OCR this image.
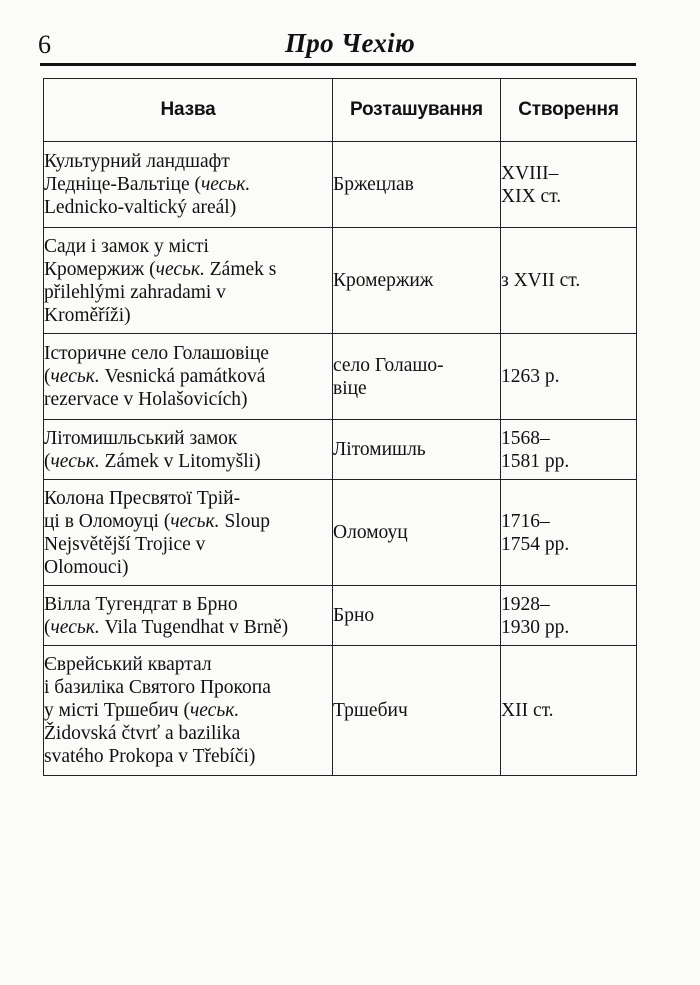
6	Про Чехію
Назва	Розташування	Створення

Культурний ландшафт
Ледніце-Вальтіце (чеськ.
Lednicko-valtický areál)	Бржецлав	XVIII–
XIX ст.

Сади і замок у місті
Кромержиж (чеськ. Zámek s
přilehlými zahradami v
Kroměříži)	Кромержиж	з XVII ст.

Історичне село Голашовіце
(чеськ. Vesnická památková
rezervace v Holašovicích)	село Голашо-
віце	1263 р.

Літомишльський замок
(чеськ. Zámek v Litomyšli)	Літомишль	1568–
1581 рр.

Колона Пресвятої Трій-
ці в Оломоуці (чеськ. Sloup
Nejsvětější Trojice v
Olomouci)	Оломоуц	1716–
1754 рр.

Вілла Тугендгат в Брно
(чеськ. Vila Tugendhat v Brně)	Брно	1928–
1930 рр.

Єврейський квартал
і базиліка Святого Прокопа
у місті Тршебич (чеськ.
Židovská čtvrť a bazilika
svatého Prokopa v Třebíči)	Тршебич	XII ст.
